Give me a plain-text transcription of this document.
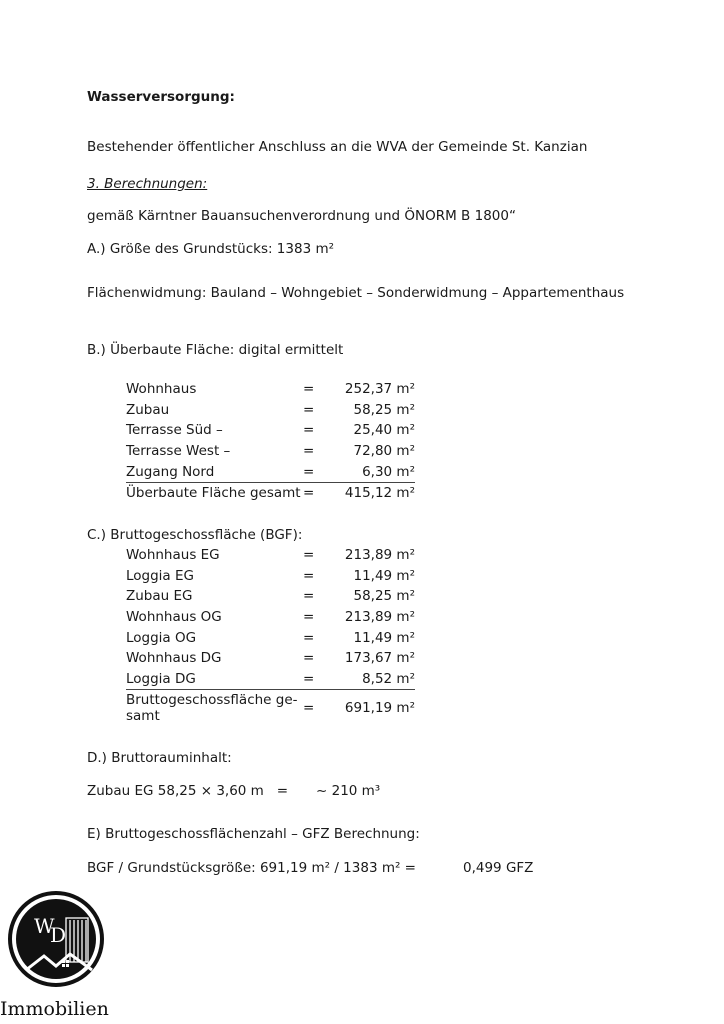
Wasserversorgung:
Bestehender öffentlicher Anschluss an die WVA der Gemeinde St. Kanzian
3. Berechnungen:
gemäß Kärntner Bauansuchenverordnung und ÖNORM B 1800“
A.) Größe des Grundstücks: 1383 m²
Flächenwidmung: Bauland – Wohngebiet – Sonderwidmung – Appartementhaus
B.) Überbaute Fläche: digital ermittelt
Wohnhaus	=	252,37 m²
Zubau	=	58,25 m²
Terrasse Süd –	=	25,40 m²
Terrasse West –	=	72,80 m²
Zugang Nord	=	6,30 m²
Überbaute Fläche gesamt	=	415,12 m²
C.) Bruttogeschossfläche (BGF):
Wohnhaus EG	=	213,89 m²
Loggia EG	=	11,49 m²
Zubau EG	=	58,25 m²
Wohnhaus OG	=	213,89 m²
Loggia OG	=	11,49 m²
Wohnhaus DG	=	173,67 m²
Loggia DG	=	8,52 m²
Bruttogeschossfläche ge-
samt	=	691,19 m²
D.) Bruttorauminhalt:
Zubau EG 58,25 × 3,60 m   = ~ 210 m³
E) Bruttogeschossflächenzahl – GFZ Berechnung:
BGF / Grundstücksgröße: 691,19 m² / 1383 m² =	0,499 GFZ
W
D
Immobilien
